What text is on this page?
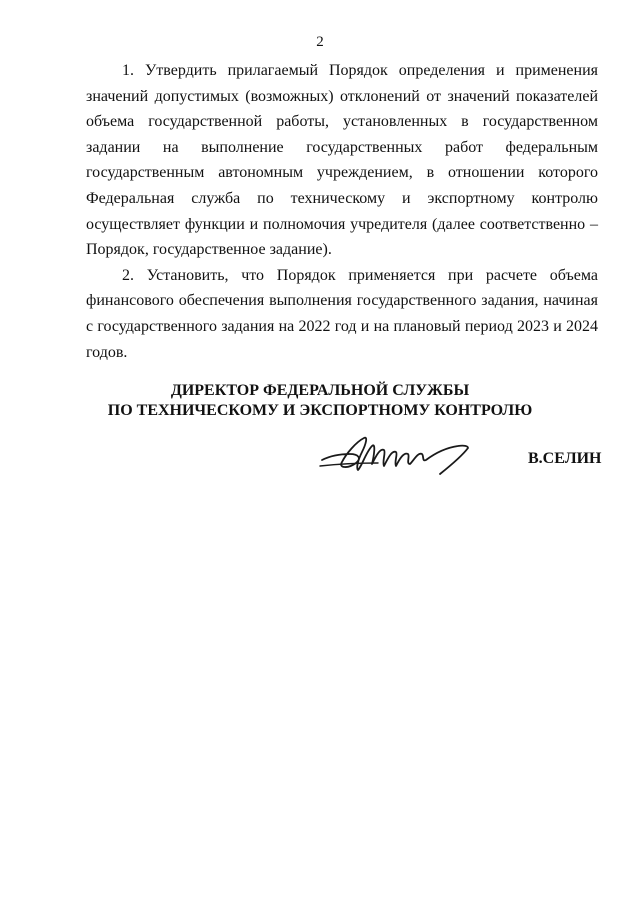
2

1. Утвердить прилагаемый Порядок определения и применения значений допустимых (возможных) отклонений от значений показателей объема государственной работы, установленных в государственном задании на выполнение государственных работ федеральным государственным автономным учреждением, в отношении которого Федеральная служба по техническому и экспортному контролю осуществляет функции и полномочия учредителя (далее соответственно – Порядок, государственное задание).

2. Установить, что Порядок применяется при расчете объема финансового обеспечения выполнения государственного задания, начиная с государственного задания на 2022 год и на плановый период 2023 и 2024 годов.

ДИРЕКТОР ФЕДЕРАЛЬНОЙ СЛУЖБЫ
ПО ТЕХНИЧЕСКОМУ И ЭКСПОРТНОМУ КОНТРОЛЮ
В.СЕЛИН
